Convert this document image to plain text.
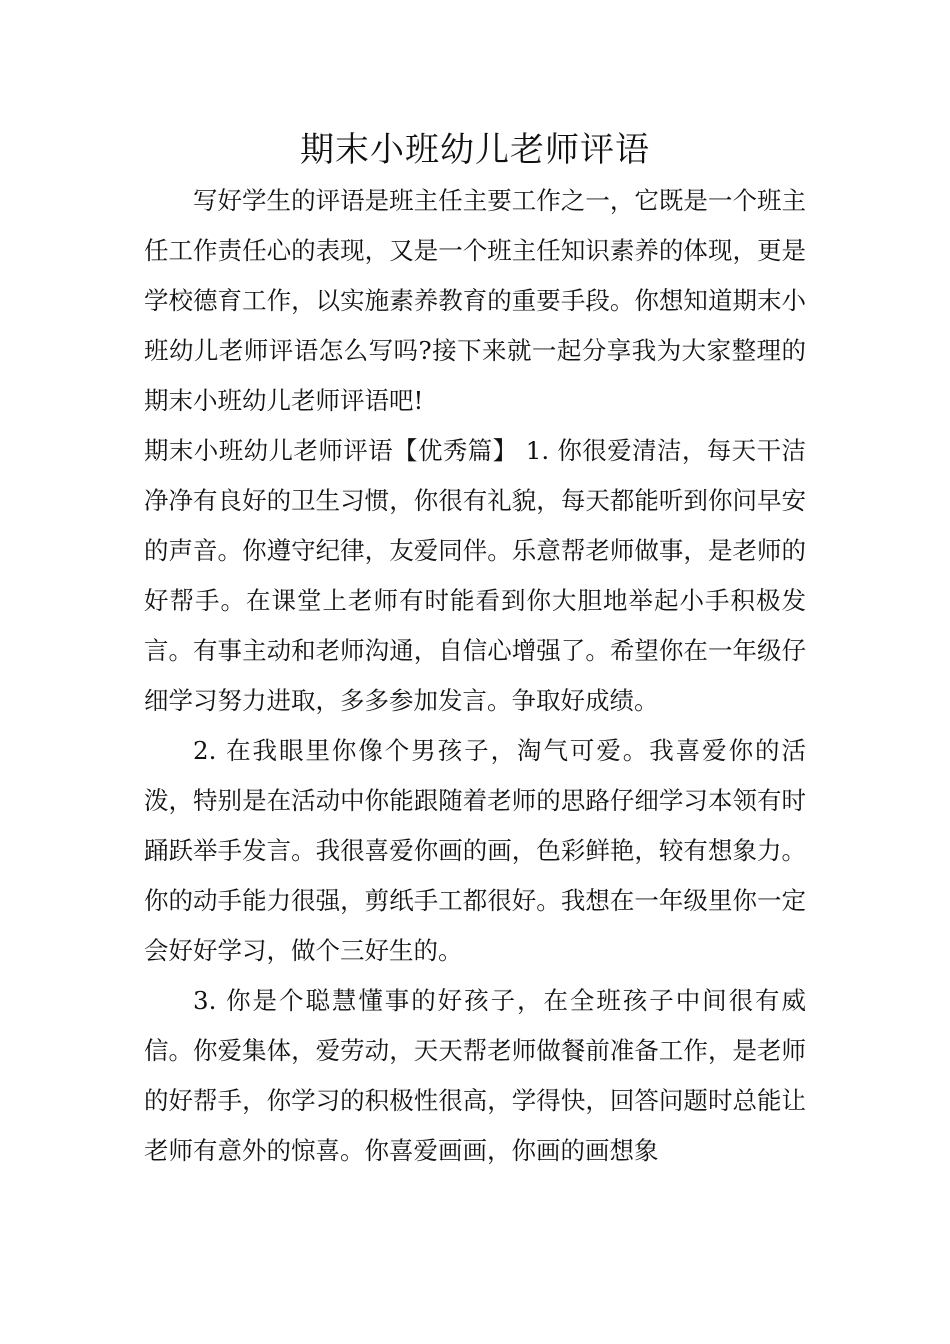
期末小班幼儿老师评语

写好学生的评语是班主任主要工作之一，它既是一个班主任工作责任心的表现，又是一个班主任知识素养的体现，更是学校德育工作，以实施素养教育的重要手段。你想知道期末小班幼儿老师评语怎么写吗?接下来就一起分享我为大家整理的期末小班幼儿老师评语吧!

期末小班幼儿老师评语【优秀篇】 1. 你很爱清洁，每天干洁净净有良好的卫生习惯，你很有礼貌，每天都能听到你问早安的声音。你遵守纪律，友爱同伴。乐意帮老师做事，是老师的好帮手。在课堂上老师有时能看到你大胆地举起小手积极发言。有事主动和老师沟通，自信心增强了。希望你在一年级仔细学习努力进取，多多参加发言。争取好成绩。

2. 在我眼里你像个男孩子，淘气可爱。我喜爱你的活泼，特别是在活动中你能跟随着老师的思路仔细学习本领有时踊跃举手发言。我很喜爱你画的画，色彩鲜艳，较有想象力。你的动手能力很强，剪纸手工都很好。我想在一年级里你一定会好好学习，做个三好生的。

3. 你是个聪慧懂事的好孩子，在全班孩子中间很有威信。你爱集体，爱劳动，天天帮老师做餐前准备工作，是老师的好帮手，你学习的积极性很高，学得快，回答问题时总能让老师有意外的惊喜。你喜爱画画，你画的画想象
